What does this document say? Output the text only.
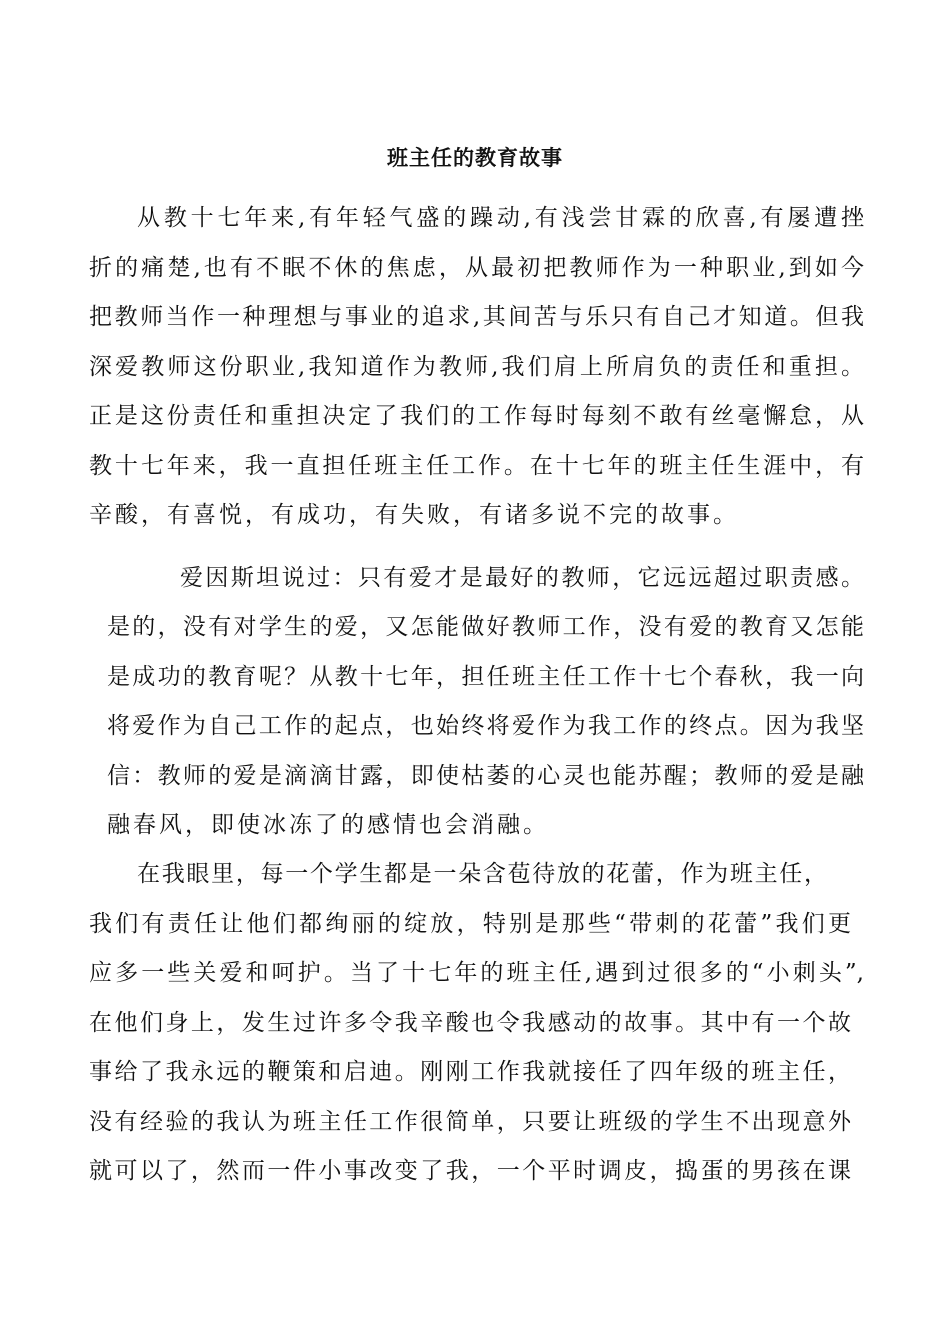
班主任的教育故事
从教十七年来,有年轻气盛的躁动,有浅尝甘霖的欣喜,有屡遭挫
折的痛楚,也有不眠不休的焦虑，从最初把教师作为一种职业,到如今
把教师当作一种理想与事业的追求,其间苦与乐只有自己才知道。但我
深爱教师这份职业,我知道作为教师,我们肩上所肩负的责任和重担。
正是这份责任和重担决定了我们的工作每时每刻不敢有丝毫懈怠，从
教十七年来，我一直担任班主任工作。在十七年的班主任生涯中，有
辛酸，有喜悦，有成功，有失败，有诸多说不完的故事。
爱因斯坦说过：只有爱才是最好的教师，它远远超过职责感。
是的，没有对学生的爱，又怎能做好教师工作，没有爱的教育又怎能
是成功的教育呢？从教十七年，担任班主任工作十七个春秋，我一向
将爱作为自己工作的起点，也始终将爱作为我工作的终点。因为我坚
信：教师的爱是滴滴甘露，即使枯萎的心灵也能苏醒；教师的爱是融
融春风，即使冰冻了的感情也会消融。
在我眼里，每一个学生都是一朵含苞待放的花蕾，作为班主任，
我们有责任让他们都绚丽的绽放，特别是那些“带刺的花蕾”我们更
应多一些关爱和呵护。当了十七年的班主任,遇到过很多的“小刺头”,
在他们身上，发生过许多令我辛酸也令我感动的故事。其中有一个故
事给了我永远的鞭策和启迪。刚刚工作我就接任了四年级的班主任，
没有经验的我认为班主任工作很简单，只要让班级的学生不出现意外
就可以了，然而一件小事改变了我，一个平时调皮，捣蛋的男孩在课
